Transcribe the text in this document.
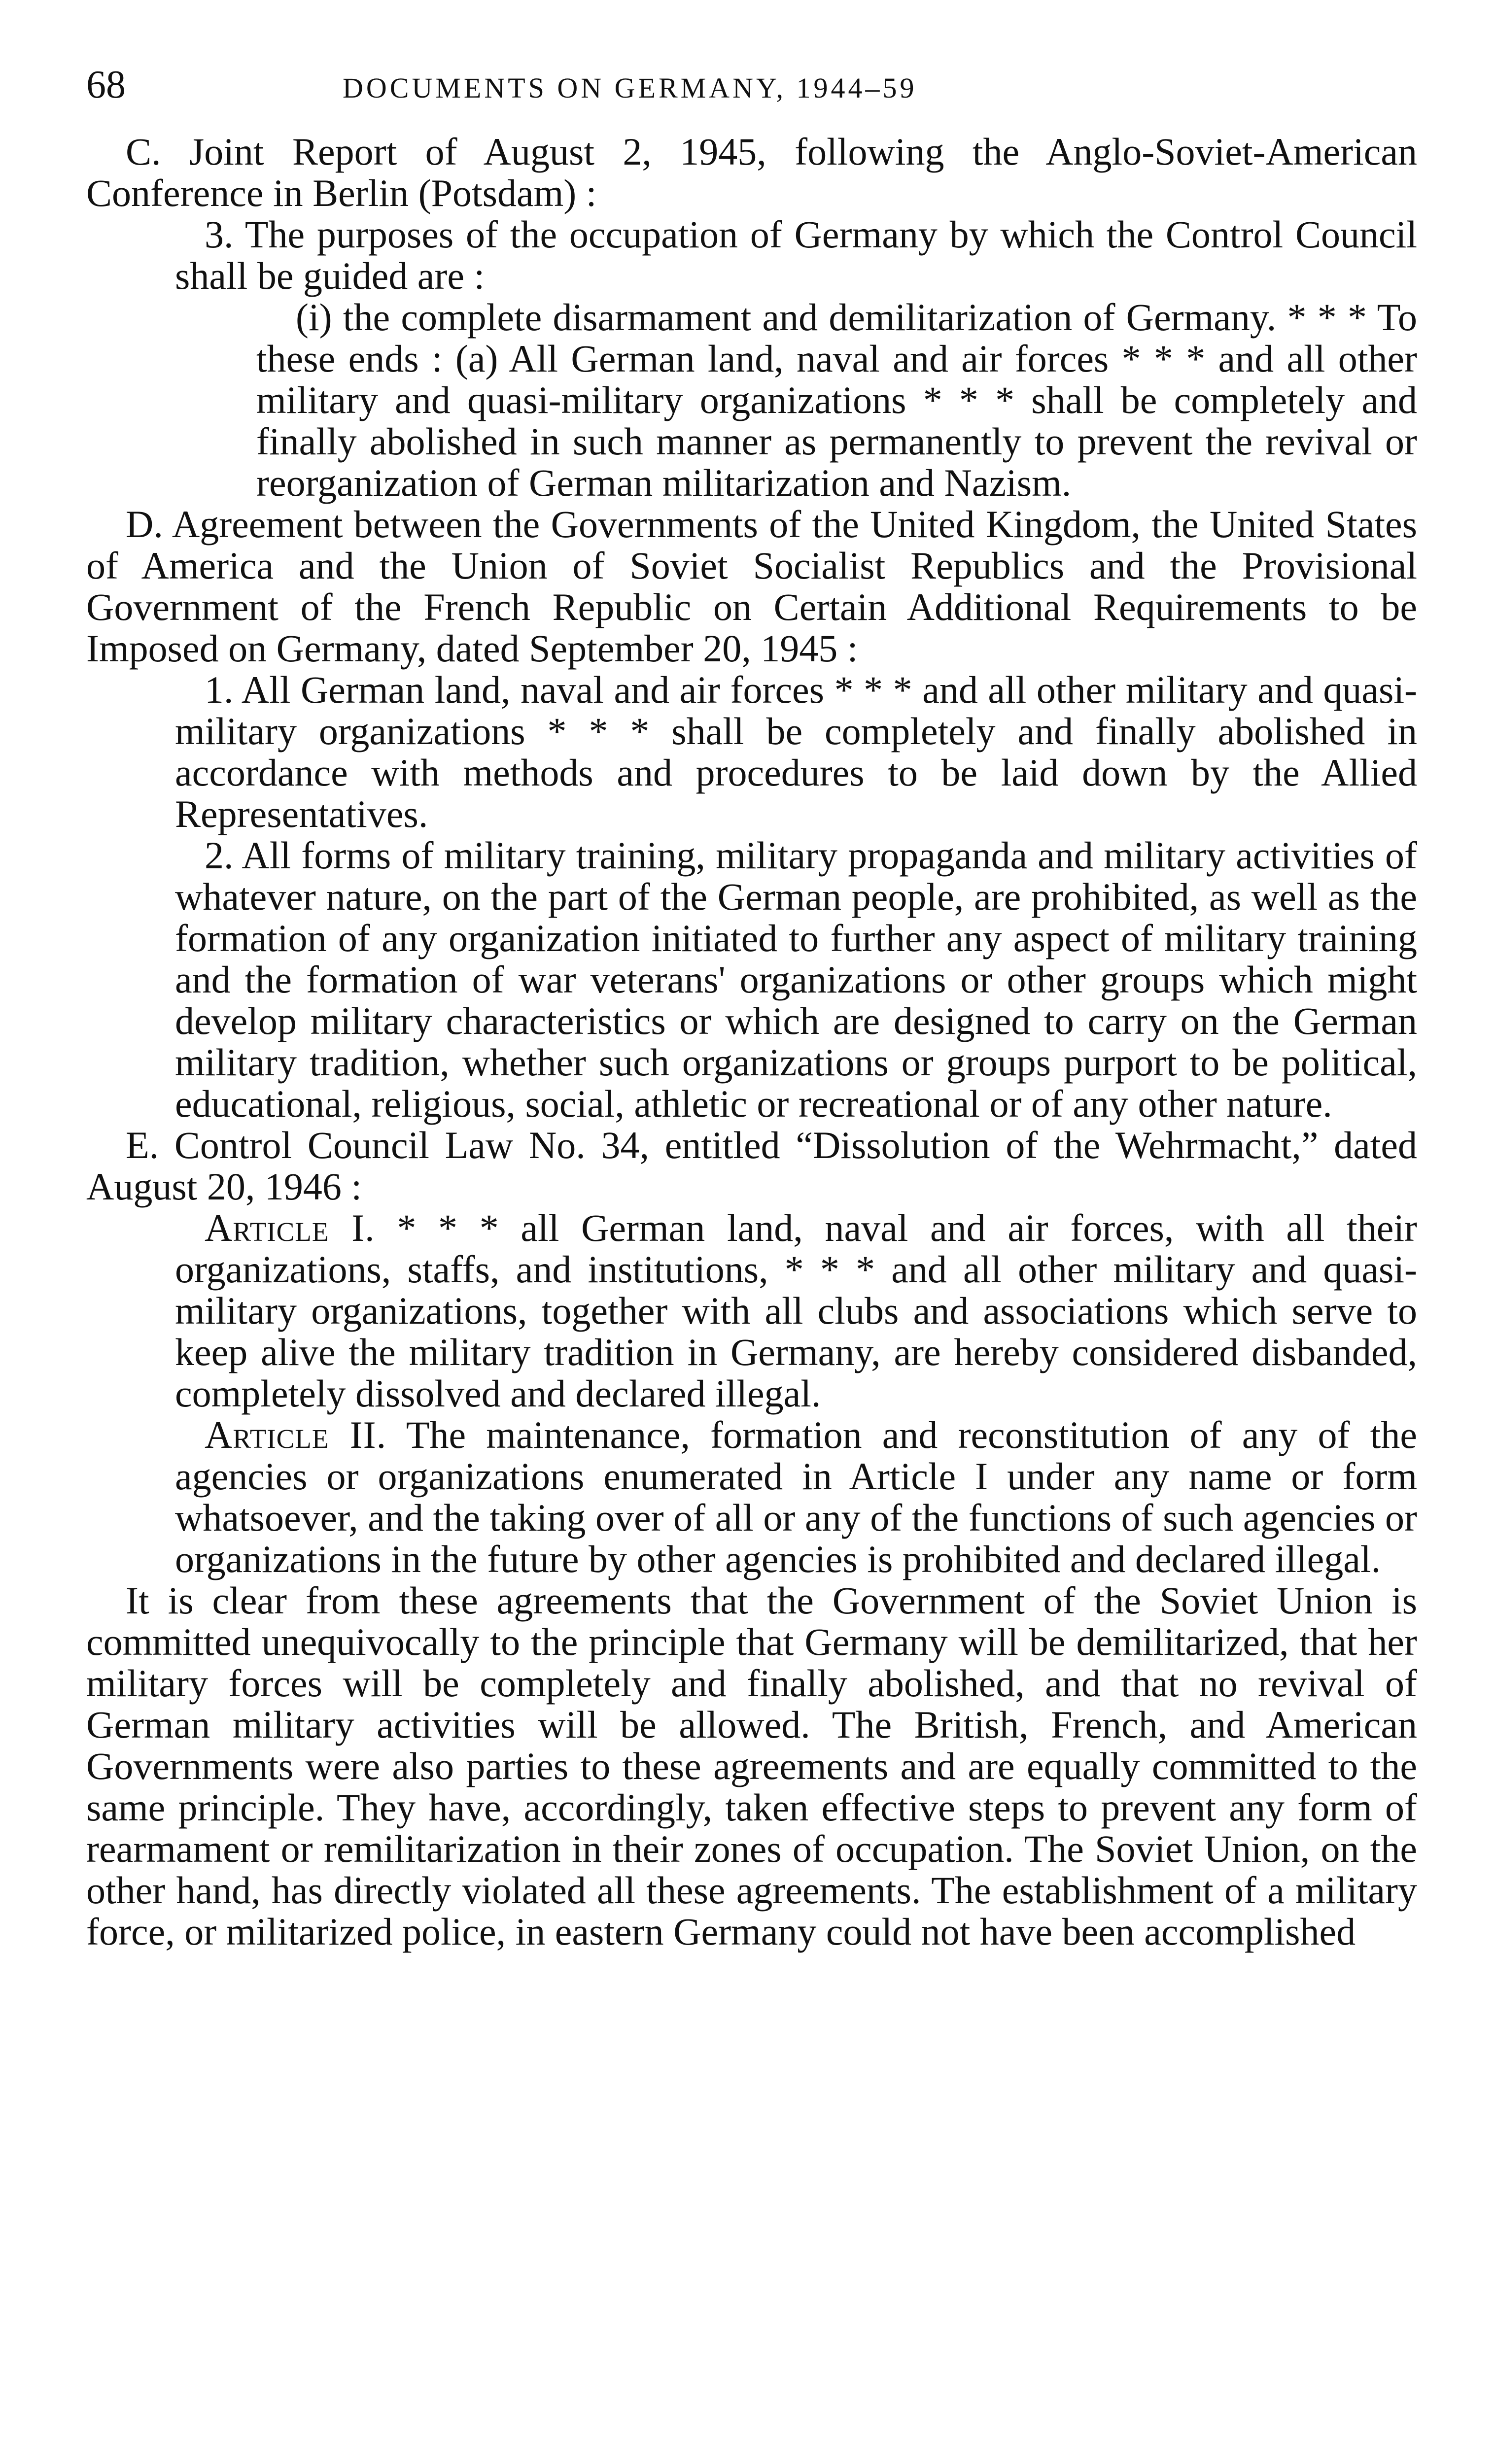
68	DOCUMENTS ON GERMANY, 1944–59

C. Joint Report of August 2, 1945, following the Anglo-Soviet-American Conference in Berlin (Potsdam) :

3. The purposes of the occupation of Germany by which the Control Council shall be guided are :

(i) the complete disarmament and demilitarization of Germany. * * * To these ends : (a) All German land, naval and air forces * * * and all other military and quasi-military organizations * * * shall be completely and finally abolished in such manner as permanently to prevent the revival or reorganization of German militarization and Nazism.

D. Agreement between the Governments of the United Kingdom, the United States of America and the Union of Soviet Socialist Republics and the Provisional Government of the French Republic on Certain Additional Requirements to be Imposed on Germany, dated September 20, 1945 :

1. All German land, naval and air forces * * * and all other military and quasi-military organizations * * * shall be completely and finally abolished in accordance with methods and procedures to be laid down by the Allied Representatives.

2. All forms of military training, military propaganda and military activities of whatever nature, on the part of the German people, are prohibited, as well as the formation of any organization initiated to further any aspect of military training and the formation of war veterans' organizations or other groups which might develop military characteristics or which are designed to carry on the German military tradition, whether such organizations or groups purport to be political, educational, religious, social, athletic or recreational or of any other nature.

E. Control Council Law No. 34, entitled “Dissolution of the Wehrmacht,” dated August 20, 1946 :

Article I. * * * all German land, naval and air forces, with all their organizations, staffs, and institutions, * * * and all other military and quasi-military organizations, together with all clubs and associations which serve to keep alive the military tradition in Germany, are hereby considered disbanded, completely dissolved and declared illegal.

Article II. The maintenance, formation and reconstitution of any of the agencies or organizations enumerated in Article I under any name or form whatsoever, and the taking over of all or any of the functions of such agencies or organizations in the future by other agencies is prohibited and declared illegal.

It is clear from these agreements that the Government of the Soviet Union is committed unequivocally to the principle that Germany will be demilitarized, that her military forces will be completely and finally abolished, and that no revival of German military activities will be allowed. The British, French, and American Governments were also parties to these agreements and are equally committed to the same principle. They have, accordingly, taken effective steps to prevent any form of rearmament or remilitarization in their zones of occupation. The Soviet Union, on the other hand, has directly violated all these agreements. The establishment of a military force, or militarized police, in eastern Germany could not have been accomplished
